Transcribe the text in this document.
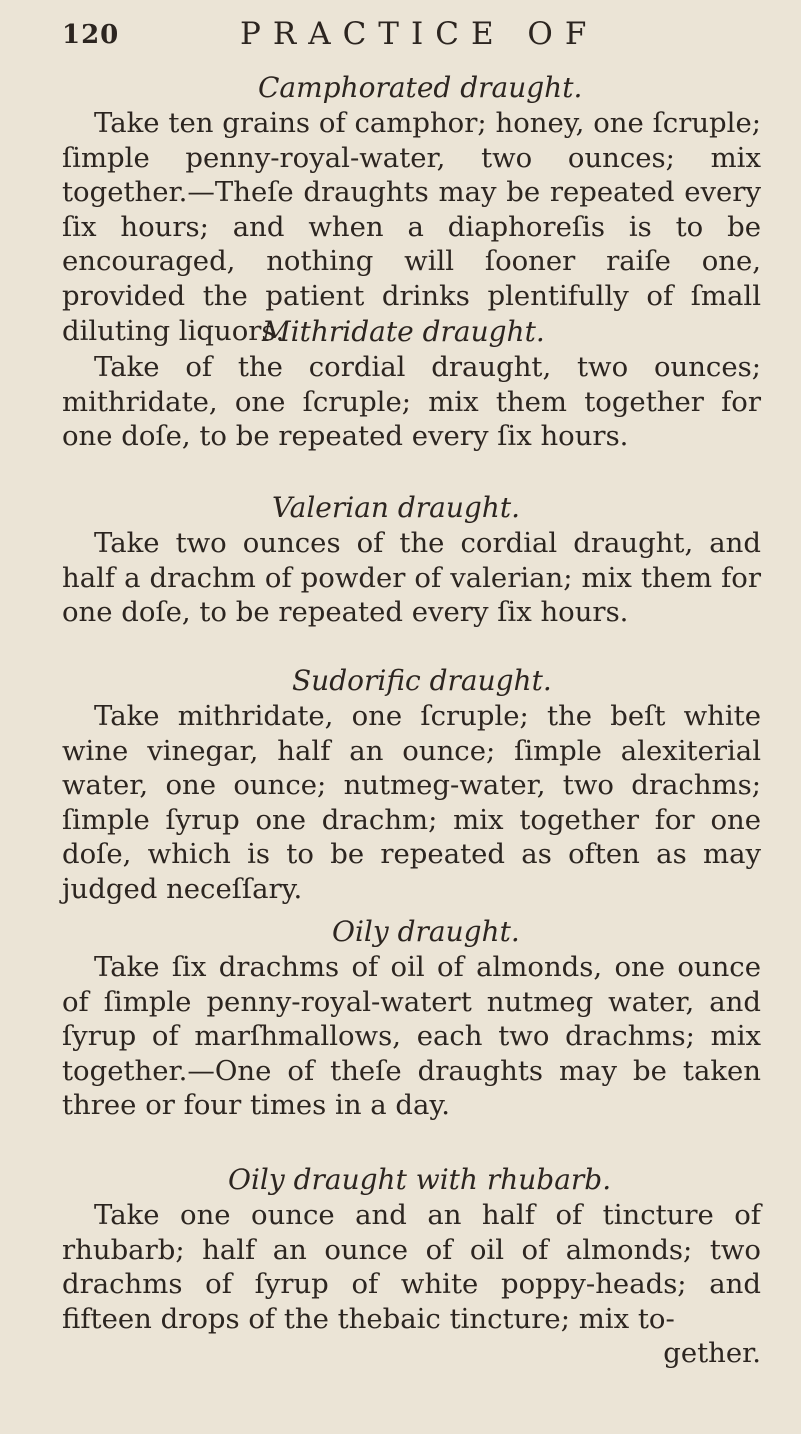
120	PRACTICE OF

Camphorated draught.

Take ten grains of camphor; honey, one ſcruple; ſimple penny-royal-water, two ounces; mix together.—Theſe draughts may be repeated every ſix hours; and when a diaphoreſis is to be encouraged, nothing will ſooner raiſe one, provided the patient drinks plentifully of ſmall diluting liquors.

Mithridate draught.

Take of the cordial draught, two ounces; mithridate, one ſcruple; mix them together for one doſe, to be repeated every ſix hours.

Valerian draught.

Take two ounces of the cordial draught, and half a drachm of powder of valerian; mix them for one doſe, to be repeated every ſix hours.

Sudorific draught.

Take mithridate, one ſcruple; the beſt white wine vinegar, half an ounce; ſimple alexiterial water, one ounce; nutmeg-water, two drachms; ſimple ſyrup one drachm; mix together for one doſe, which is to be repeated as often as may judged neceſſary.

Oily draught.

Take ſix drachms of oil of almonds, one ounce of ſimple penny-royal-watert nutmeg water, and ſyrup of marſhmallows, each two drachms; mix together.—One of theſe draughts may be taken three or four times in a day.

Oily draught with rhubarb.

Take one ounce and an half of tincture of rhubarb; half an ounce of oil of almonds; two drachms of ſyrup of white poppy-heads; and fifteen drops of the thebaic tincture; mix to-

gether.
